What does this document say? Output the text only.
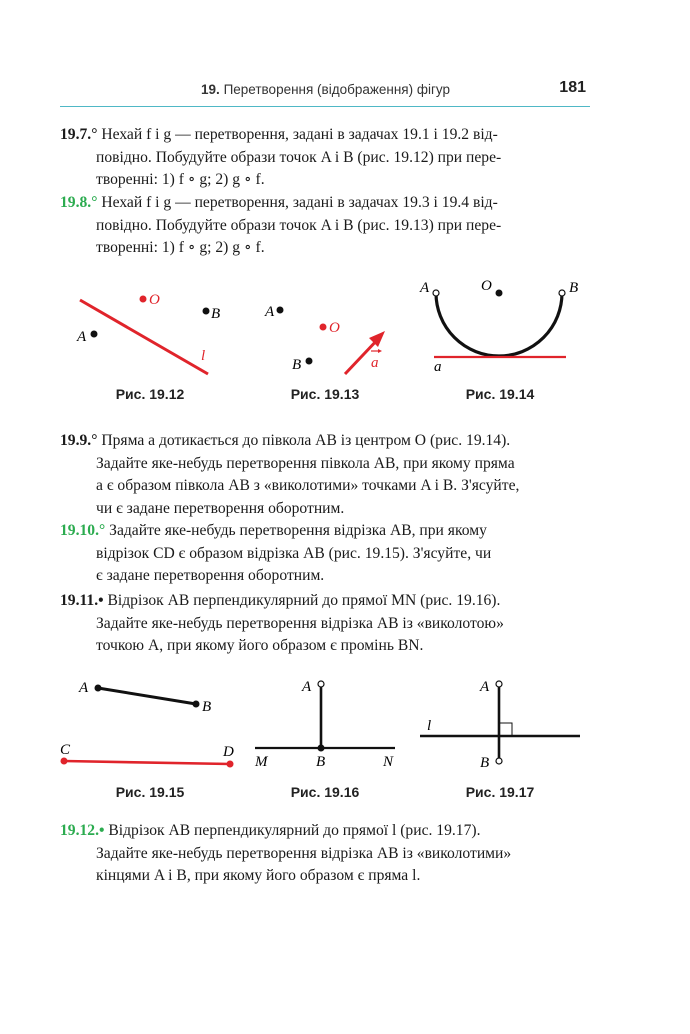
19. Перетворення (відображення) фігур	181

19.7.° Нехай f і g — перетворення, задані в задачах 19.1 і 19.2 від-

повідно. Побудуйте образи точок A і B (рис. 19.12) при пере-

творенні: 1) f ∘ g; 2) g ∘ f.

19.8.° Нехай f і g — перетворення, задані в задачах 19.3 і 19.4 від-

повідно. Побудуйте образи точок A і B (рис. 19.13) при пере-

творенні: 1) f ∘ g; 2) g ∘ f.

O
B
A
l
A
O
B	a
A	O	B
a
Рис. 19.12	Рис. 19.13	Рис. 19.14

19.9.° Пряма a дотикається до півкола AB із центром O (рис. 19.14).

Задайте яке-небудь перетворення півкола AB, при якому пряма

a є образом півкола AB з «виколотими» точками A і B. З'ясуйте,

чи є задане перетворення оборотним.

19.10.° Задайте яке-небудь перетворення відрізка AB, при якому

відрізок CD є образом відрізка AB (рис. 19.15). З'ясуйте, чи

є задане перетворення оборотним.

19.11.• Відрізок AB перпендикулярний до прямої MN (рис. 19.16).

Задайте яке-небудь перетворення відрізка AB із «виколотою»

точкою A, при якому його образом є промінь BN.

A
B
C	D
A
M	B	N
A
l
B
Рис. 19.15	Рис. 19.16	Рис. 19.17

19.12.• Відрізок AB перпендикулярний до прямої l (рис. 19.17).

Задайте яке-небудь перетворення відрізка AB із «виколотими»

кінцями A і B, при якому його образом є пряма l.
